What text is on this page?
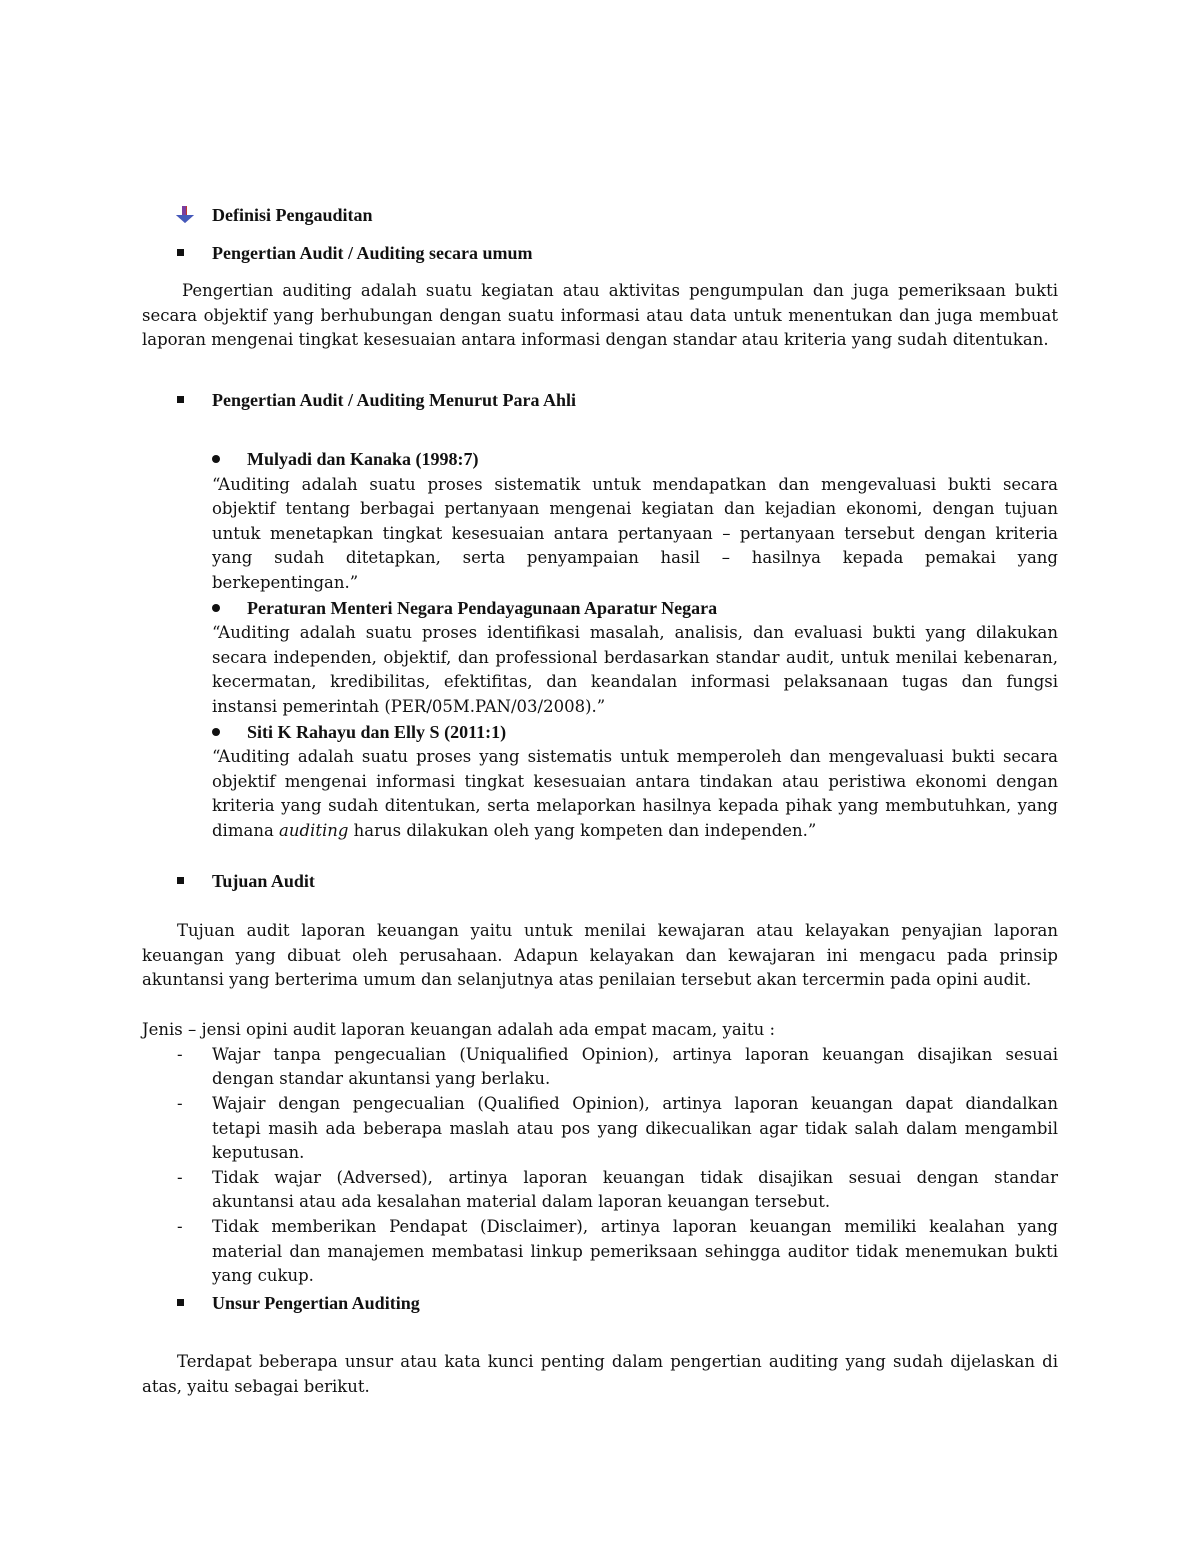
Definisi Pengauditan
Pengertian Audit / Auditing secara umum
Pengertian auditing adalah suatu kegiatan atau aktivitas pengumpulan dan juga pemeriksaan bukti
secara objektif yang berhubungan dengan suatu informasi atau data untuk menentukan dan juga membuat
laporan mengenai tingkat kesesuaian antara informasi dengan standar atau kriteria yang sudah ditentukan.
Pengertian Audit / Auditing Menurut Para Ahli
Mulyadi dan Kanaka (1998:7)
“Auditing adalah suatu proses sistematik untuk mendapatkan dan mengevaluasi bukti secara
objektif tentang berbagai pertanyaan mengenai kegiatan dan kejadian ekonomi, dengan tujuan
untuk menetapkan tingkat kesesuaian antara pertanyaan – pertanyaan tersebut dengan kriteria
yang sudah ditetapkan, serta penyampaian hasil – hasilnya kepada pemakai yang
berkepentingan.”
Peraturan Menteri Negara Pendayagunaan Aparatur Negara
“Auditing adalah suatu proses identifikasi masalah, analisis, dan evaluasi bukti yang dilakukan
secara independen, objektif, dan professional berdasarkan standar audit, untuk menilai kebenaran,
kecermatan, kredibilitas, efektifitas, dan keandalan informasi pelaksanaan tugas dan fungsi
instansi pemerintah (PER/05M.PAN/03/2008).”
Siti K Rahayu dan Elly S (2011:1)
“Auditing adalah suatu proses yang sistematis untuk memperoleh dan mengevaluasi bukti secara
objektif mengenai informasi tingkat kesesuaian antara tindakan atau peristiwa ekonomi dengan
kriteria yang sudah ditentukan, serta melaporkan hasilnya kepada pihak yang membutuhkan, yang
dimana auditing harus dilakukan oleh yang kompeten dan independen.”
Tujuan Audit
Tujuan audit laporan keuangan yaitu untuk menilai kewajaran atau kelayakan penyajian laporan
keuangan yang dibuat oleh perusahaan. Adapun kelayakan dan kewajaran ini mengacu pada prinsip
akuntansi yang berterima umum dan selanjutnya atas penilaian tersebut akan tercermin pada opini audit.
Jenis – jensi opini audit laporan keuangan adalah ada empat macam, yaitu :
- Wajar tanpa pengecualian (Uniqualified Opinion), artinya laporan keuangan disajikan sesuai
dengan standar akuntansi yang berlaku.
- Wajair dengan pengecualian (Qualified Opinion), artinya laporan keuangan dapat diandalkan
tetapi masih ada beberapa maslah atau pos yang dikecualikan agar tidak salah dalam mengambil
keputusan.
- Tidak wajar (Adversed), artinya laporan keuangan tidak disajikan sesuai dengan standar
akuntansi atau ada kesalahan material dalam laporan keuangan tersebut.
- Tidak memberikan Pendapat (Disclaimer), artinya laporan keuangan memiliki kealahan yang
material dan manajemen membatasi linkup pemeriksaan sehingga auditor tidak menemukan bukti
yang cukup.
Unsur Pengertian Auditing
Terdapat beberapa unsur atau kata kunci penting dalam pengertian auditing yang sudah dijelaskan di
atas, yaitu sebagai berikut.
